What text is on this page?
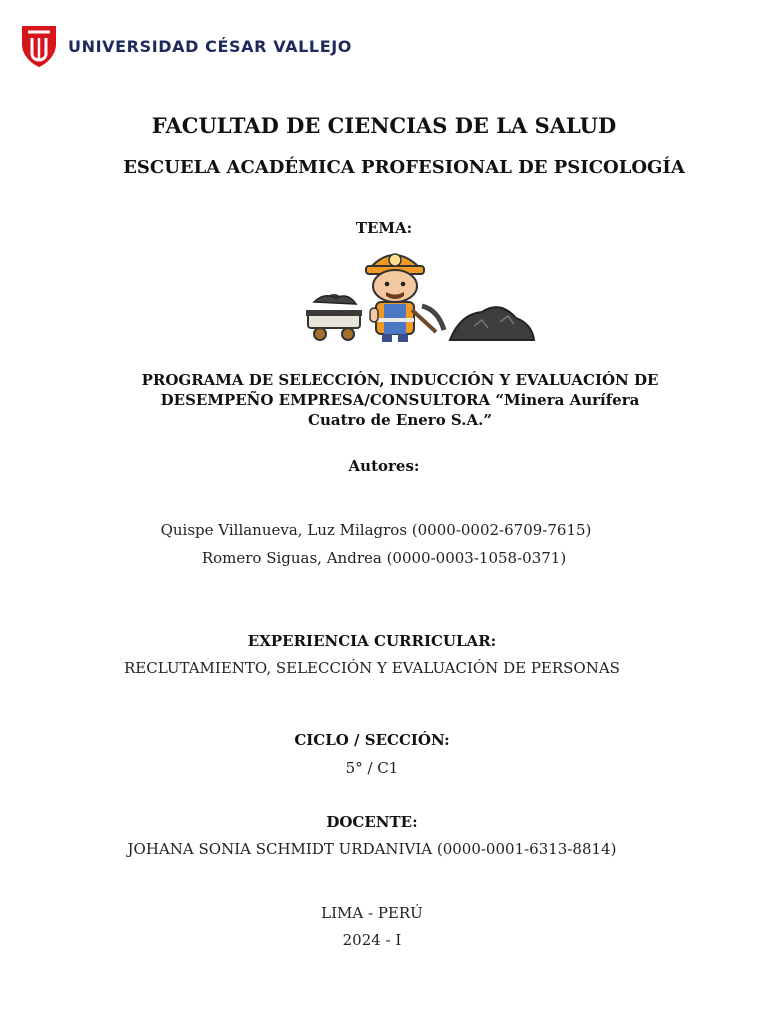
UNIVERSIDAD CÉSAR VALLEJO
FACULTAD DE CIENCIAS DE LA SALUD
ESCUELA ACADÉMICA PROFESIONAL DE PSICOLOGÍA
TEMA:
PROGRAMA DE SELECCIÓN, INDUCCIÓN Y EVALUACIÓN DE DESEMPEÑO EMPRESA/CONSULTORA “Minera Aurífera Cuatro de Enero S.A.”
Autores:
Quispe Villanueva, Luz Milagros (0000-0002-6709-7615)
Romero Siguas, Andrea (0000-0003-1058-0371)
EXPERIENCIA CURRICULAR:
RECLUTAMIENTO, SELECCIÓN Y EVALUACIÓN DE PERSONAS
CICLO / SECCIÓN:
5° / C1
DOCENTE:
JOHANA SONIA SCHMIDT URDANIVIA (0000-0001-6313-8814)
LIMA - PERÚ
2024 - I
